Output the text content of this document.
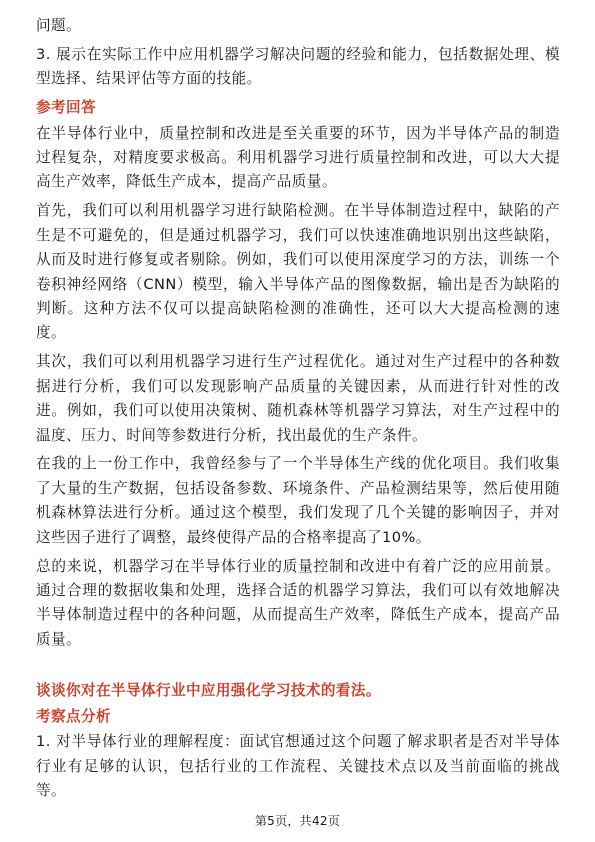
问题。

3. 展示在实际工作中应用机器学习解决问题的经验和能力，包括数据处理、模型选择、结果评估等方面的技能。

参考回答

在半导体行业中，质量控制和改进是至关重要的环节，因为半导体产品的制造过程复杂，对精度要求极高。利用机器学习进行质量控制和改进，可以大大提高生产效率，降低生产成本，提高产品质量。

首先，我们可以利用机器学习进行缺陷检测。在半导体制造过程中，缺陷的产生是不可避免的，但是通过机器学习，我们可以快速准确地识别出这些缺陷，从而及时进行修复或者剔除。例如，我们可以使用深度学习的方法，训练一个卷积神经网络（CNN）模型，输入半导体产品的图像数据，输出是否为缺陷的判断。这种方法不仅可以提高缺陷检测的准确性，还可以大大提高检测的速度。

其次，我们可以利用机器学习进行生产过程优化。通过对生产过程中的各种数据进行分析，我们可以发现影响产品质量的关键因素，从而进行针对性的改进。例如，我们可以使用决策树、随机森林等机器学习算法，对生产过程中的温度、压力、时间等参数进行分析，找出最优的生产条件。

在我的上一份工作中，我曾经参与了一个半导体生产线的优化项目。我们收集了大量的生产数据，包括设备参数、环境条件、产品检测结果等，然后使用随机森林算法进行分析。通过这个模型，我们发现了几个关键的影响因子，并对这些因子进行了调整，最终使得产品的合格率提高了10%。

总的来说，机器学习在半导体行业的质量控制和改进中有着广泛的应用前景。通过合理的数据收集和处理，选择合适的机器学习算法，我们可以有效地解决半导体制造过程中的各种问题，从而提高生产效率，降低生产成本，提高产品质量。

谈谈你对在半导体行业中应用强化学习技术的看法。
考察点分析

1. 对半导体行业的理解程度：面试官想通过这个问题了解求职者是否对半导体行业有足够的认识，包括行业的工作流程、关键技术点以及当前面临的挑战等。

第5页，共42页
